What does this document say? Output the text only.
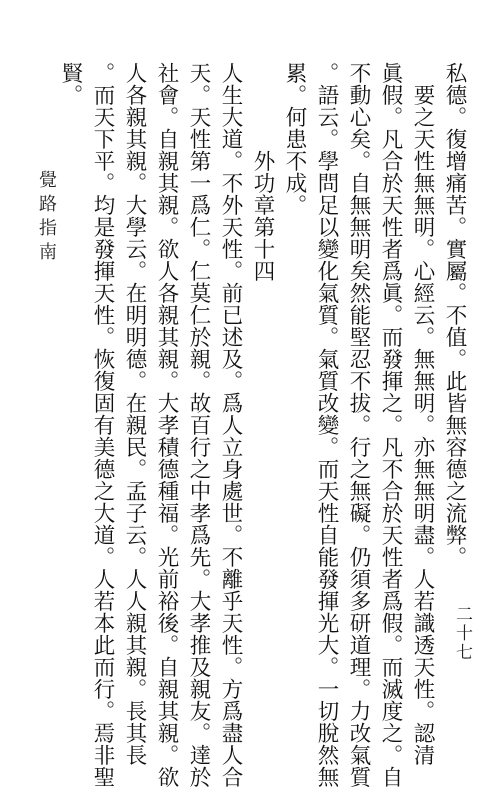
私德。復增痛苦。實屬。不值。此皆無容德之流弊。
要之天性無無明。心經云。無無明。亦無無明盡。人若識透天性。認清
眞假。凡合於天性者爲眞。而發揮之。凡不合於天性者爲假。而滅度之。自
不動心矣。自無無明矣然能堅忍不拔。行之無礙。仍須多研道理。力改氣質
。語云。學問足以變化氣質。氣質改變。而天性自能發揮光大。一切脫然無
累。何患不成。
外功章第十四
人生大道。不外天性。前已述及。爲人立身處世。不離乎天性。方爲盡人合
天。天性第一爲仁。仁莫仁於親。故百行之中孝爲先。大孝推及親友。達於
社會。自親其親。欲人各親其親。大孝積德種福。光前裕後。自親其親。欲
人各親其親。大學云。在明明德。在親民。孟子云。人人親其親。長其長
。而天下平。均是發揮天性。恢復固有美德之大道。人若本此而行。焉非聖
賢。
覺路指南
二十七
